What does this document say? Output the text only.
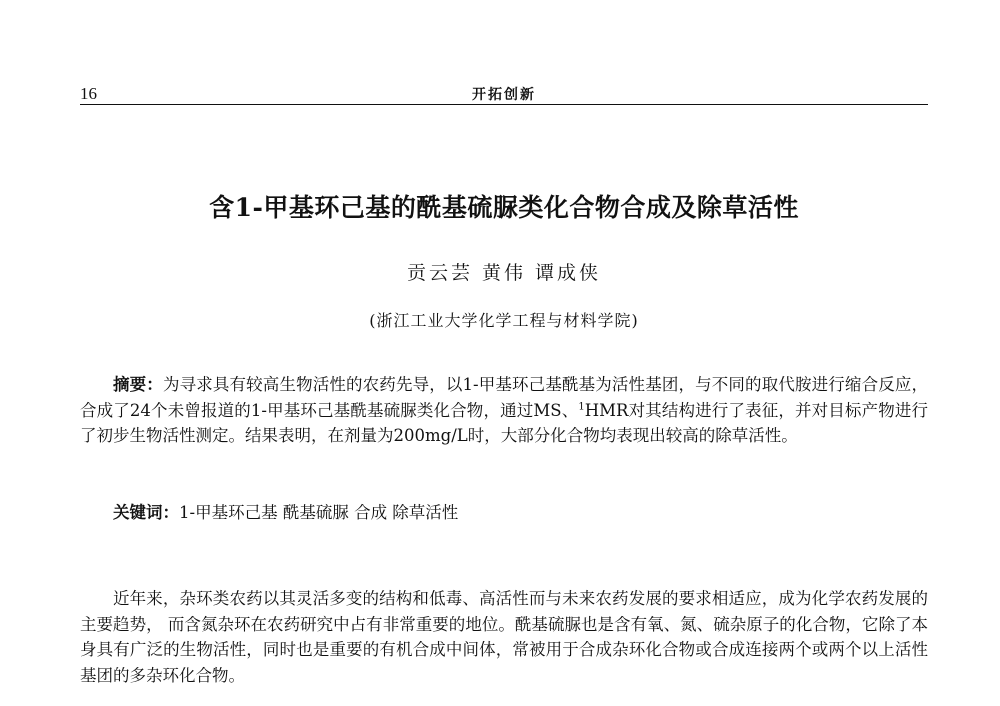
16	开拓创新
含1-甲基环己基的酰基硫脲类化合物合成及除草活性
贡云芸 黄伟 谭成侠
(浙江工业大学化学工程与材料学院)

摘要：为寻求具有较高生物活性的农药先导，以1-甲基环己基酰基为活性基团，与不同的取代胺进行缩合反应，合成了24个未曾报道的1-甲基环己基酰基硫脲类化合物，通过MS、$^1$HMR对其结构进行了表征，并对目标产物进行了初步生物活性测定。结果表明，在剂量为200mg/L时，大部分化合物均表现出较高的除草活性。

关键词：1-甲基环己基 酰基硫脲 合成 除草活性

近年来，杂环类农药以其灵活多变的结构和低毒、高活性而与未来农药发展的要求相适应，成为化学农药发展的主要趋势， 而含氮杂环在农药研究中占有非常重要的地位。酰基硫脲也是含有氧、氮、硫杂原子的化合物，它除了本身具有广泛的生物活性，同时也是重要的有机合成中间体，常被用于合成杂环化合物或合成连接两个或两个以上活性基团的多杂环化合物。
